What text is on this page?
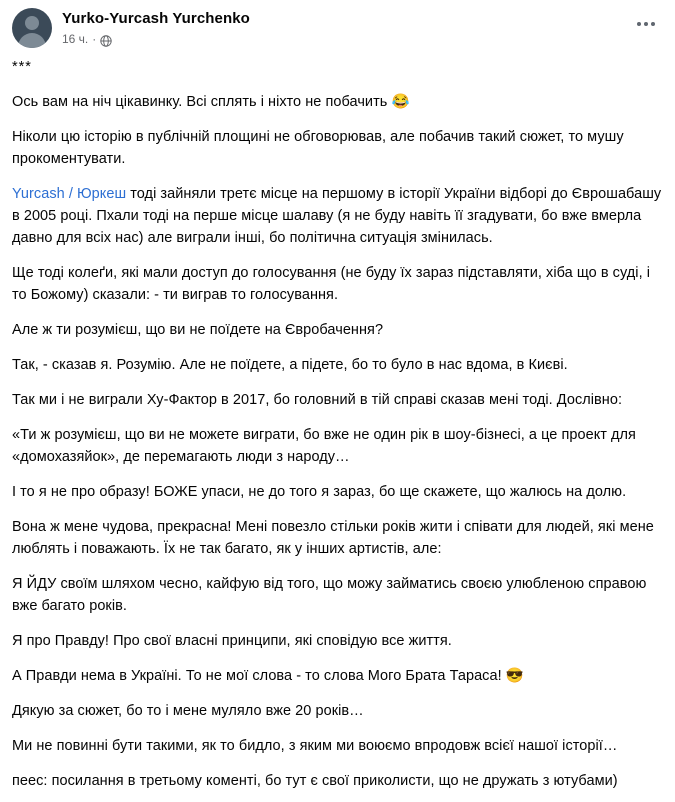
Yurko-Yurcash Yurchenko
16 ч. ·

***

Ось вам на ніч цікавинку. Всі сплять і ніхто не побачить 😂

Ніколи цю історію в публічній площині не обговорював, але побачив такий сюжет, то мушу прокоментувати.

Yurcash / Юркеш тоді зайняли третє місце на першому в історії України відборі до Єврошабашу в 2005 році. Пхали тоді на перше місце шалаву (я не буду навіть її згадувати, бо вже вмерла давно для всіх нас) але виграли інші, бо політична ситуація змінилась.

Ще тоді колеґи, які мали доступ до голосування (не буду їх зараз підставляти, хіба що в суді, і то Божому) сказали: - ти виграв то голосування.

Але ж ти розумієш, що ви не поїдете на Євробачення?

Так, - сказав я. Розумію. Але не поїдете, а підете, бо то було в нас вдома, в Києві.

Так ми і не виграли Ху-Фактор в 2017, бо головний в тій справі сказав мені тоді. Дослівно:

«Ти ж розумієш, що ви не можете виграти, бо вже не один рік в шоу-бізнесі, а це проект для «домохазяйок», де перемагають люди з народу…

І то я не про образу! БОЖЕ упаси, не до того я зараз, бо ще скажете, що жалюсь на долю.

Вона ж мене чудова, прекрасна! Мені повезло стільки років жити і співати для людей, які мене люблять і поважають. Їх не так багато, як у інших артистів, але:

Я ЙДУ своїм шляхом чесно, кайфую від того, що можу займатись своєю улюбленою справою вже багато років.

Я про Правду! Про свої власні принципи, які сповідую все життя.

А Правди нема в Україні. То не мої слова - то слова Мого Брата Тараса! 😎

Дякую за сюжет, бо то і мене муляло вже 20 років…

Ми не повинні бути такими, як то бидло, з яким ми воюємо впродовж всієї нашої історії…

пеес: посилання в третьому коменті, бо тут є свої приколисти, що не дружать з ютубами)
